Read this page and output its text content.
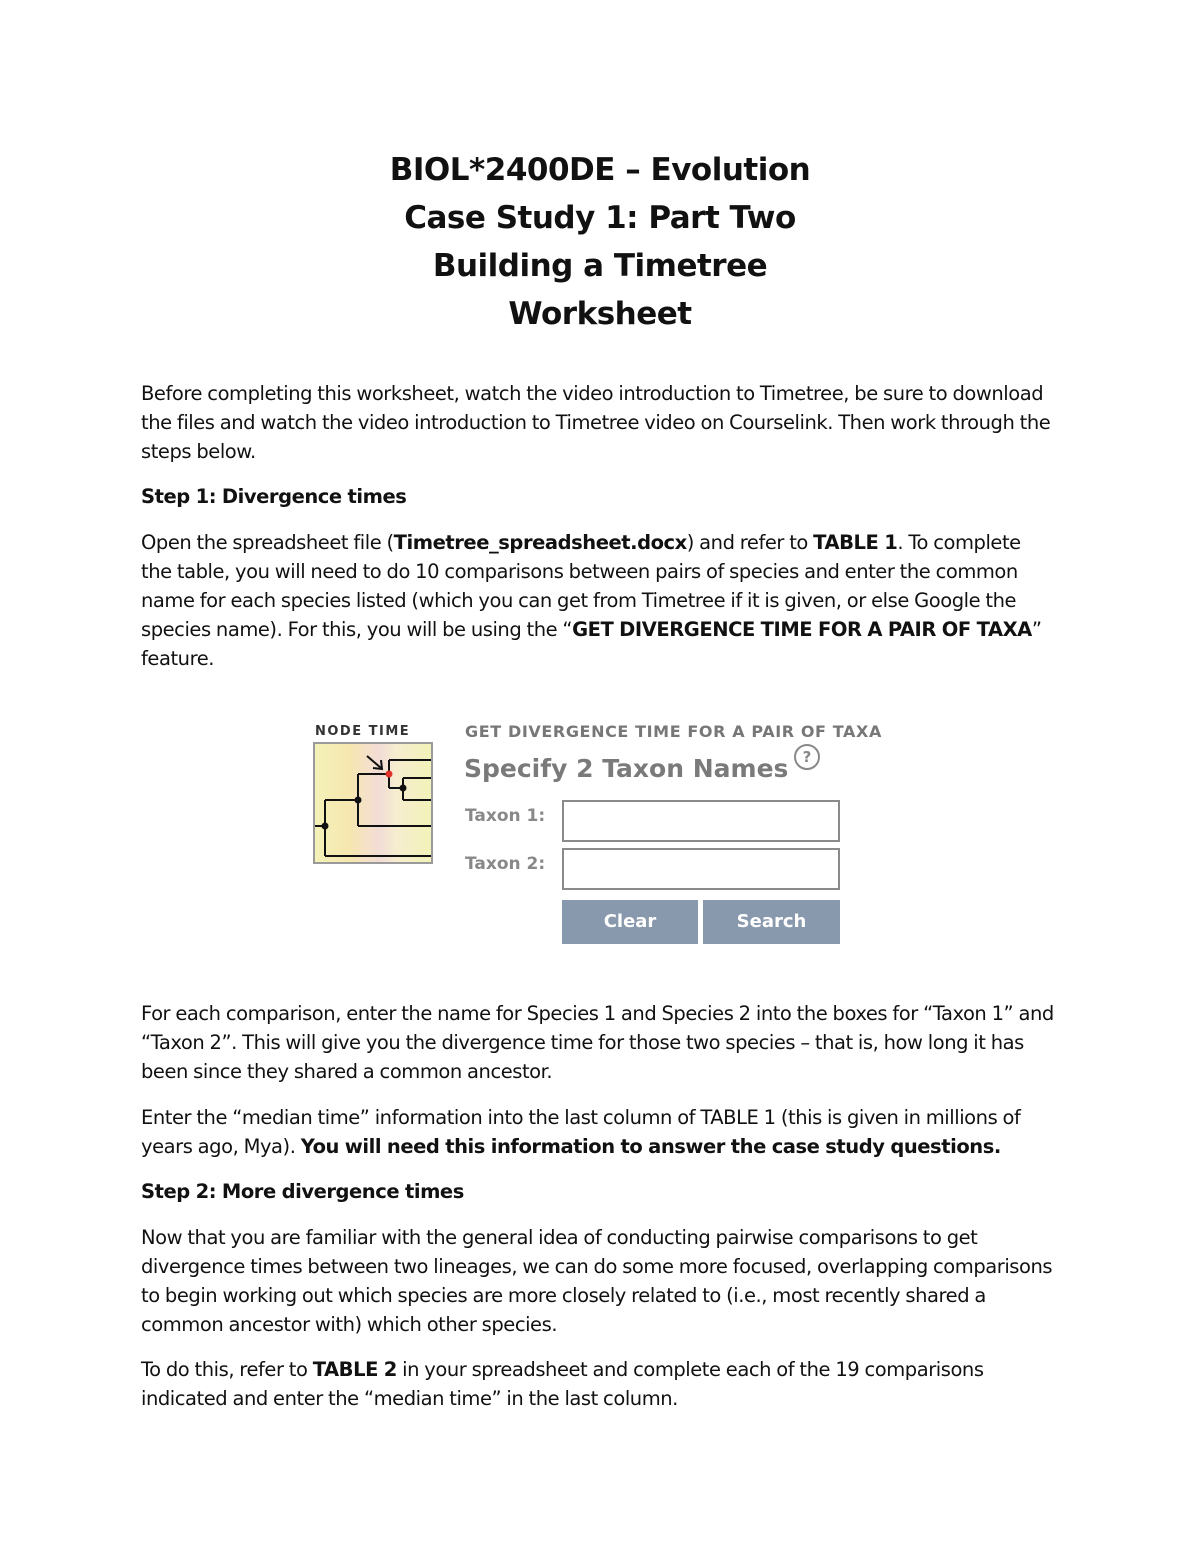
BIOL*2400DE – Evolution
Case Study 1: Part Two
Building a Timetree
Worksheet

Before completing this worksheet, watch the video introduction to Timetree, be sure to download the files and watch the video introduction to Timetree video on Courselink. Then work through the steps below.

Step 1: Divergence times

Open the spreadsheet file (Timetree_spreadsheet.docx) and refer to TABLE 1. To complete the table, you will need to do 10 comparisons between pairs of species and enter the common name for each species listed (which you can get from Timetree if it is given, or else Google the species name). For this, you will be using the “GET DIVERGENCE TIME FOR A PAIR OF TAXA” feature.

NODE TIME	GET DIVERGENCE TIME FOR A PAIR OF TAXA
Specify 2 Taxon Names ?
Taxon 1:
Taxon 2:
Clear	Search

For each comparison, enter the name for Species 1 and Species 2 into the boxes for “Taxon 1” and “Taxon 2”. This will give you the divergence time for those two species – that is, how long it has been since they shared a common ancestor.

Enter the “median time” information into the last column of TABLE 1 (this is given in millions of years ago, Mya). You will need this information to answer the case study questions.

Step 2: More divergence times

Now that you are familiar with the general idea of conducting pairwise comparisons to get divergence times between two lineages, we can do some more focused, overlapping comparisons to begin working out which species are more closely related to (i.e., most recently shared a common ancestor with) which other species.

To do this, refer to TABLE 2 in your spreadsheet and complete each of the 19 comparisons indicated and enter the “median time” in the last column.
